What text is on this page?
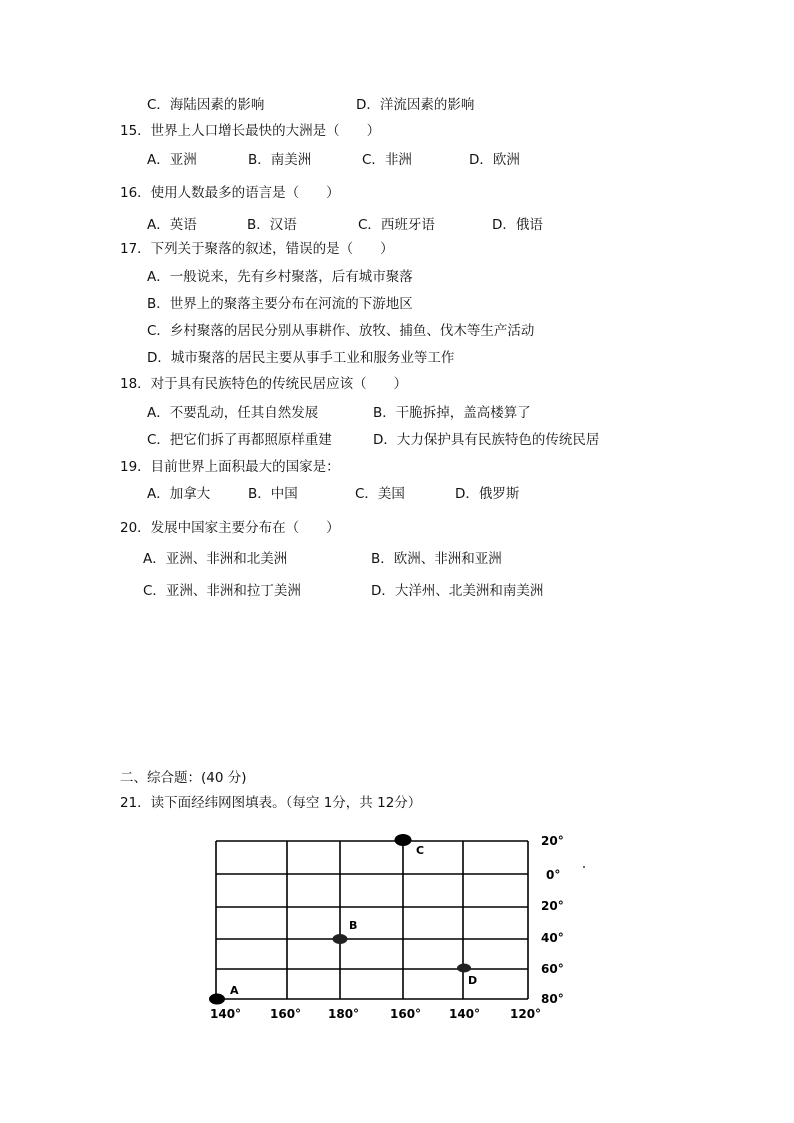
C．海陆因素的影响	D．洋流因素的影响
15．世界上人口增长最快的大洲是（　　）
A．亚洲	B．南美洲	C．非洲	D．欧洲
16．使用人数最多的语言是（　　）
A．英语	B．汉语	C．西班牙语	D．俄语
17．下列关于聚落的叙述，错误的是（　　）
A．一般说来，先有乡村聚落，后有城市聚落
B．世界上的聚落主要分布在河流的下游地区
C．乡村聚落的居民分别从事耕作、放牧、捕鱼、伐木等生产活动
D．城市聚落的居民主要从事手工业和服务业等工作
18．对于具有民族特色的传统民居应该（　　）
A．不要乱动，任其自然发展	B．干脆拆掉，盖高楼算了
C．把它们拆了再都照原样重建	D．大力保护具有民族特色的传统民居
19．目前世界上面积最大的国家是：
A．加拿大	B．中国	C．美国	D．俄罗斯
20．发展中国家主要分布在（　　）
A．亚洲、非洲和北美洲	B．欧洲、非洲和亚洲
C．亚洲、非洲和拉丁美洲	D．大洋州、北美洲和南美洲
二、综合题：(40 分)
21．读下面经纬网图填表。（每空 1分，共 12分）
20°
0°
20°
40°
60°
80°
140° 160° 180°	160° 140° 120°
A
B
C
D
